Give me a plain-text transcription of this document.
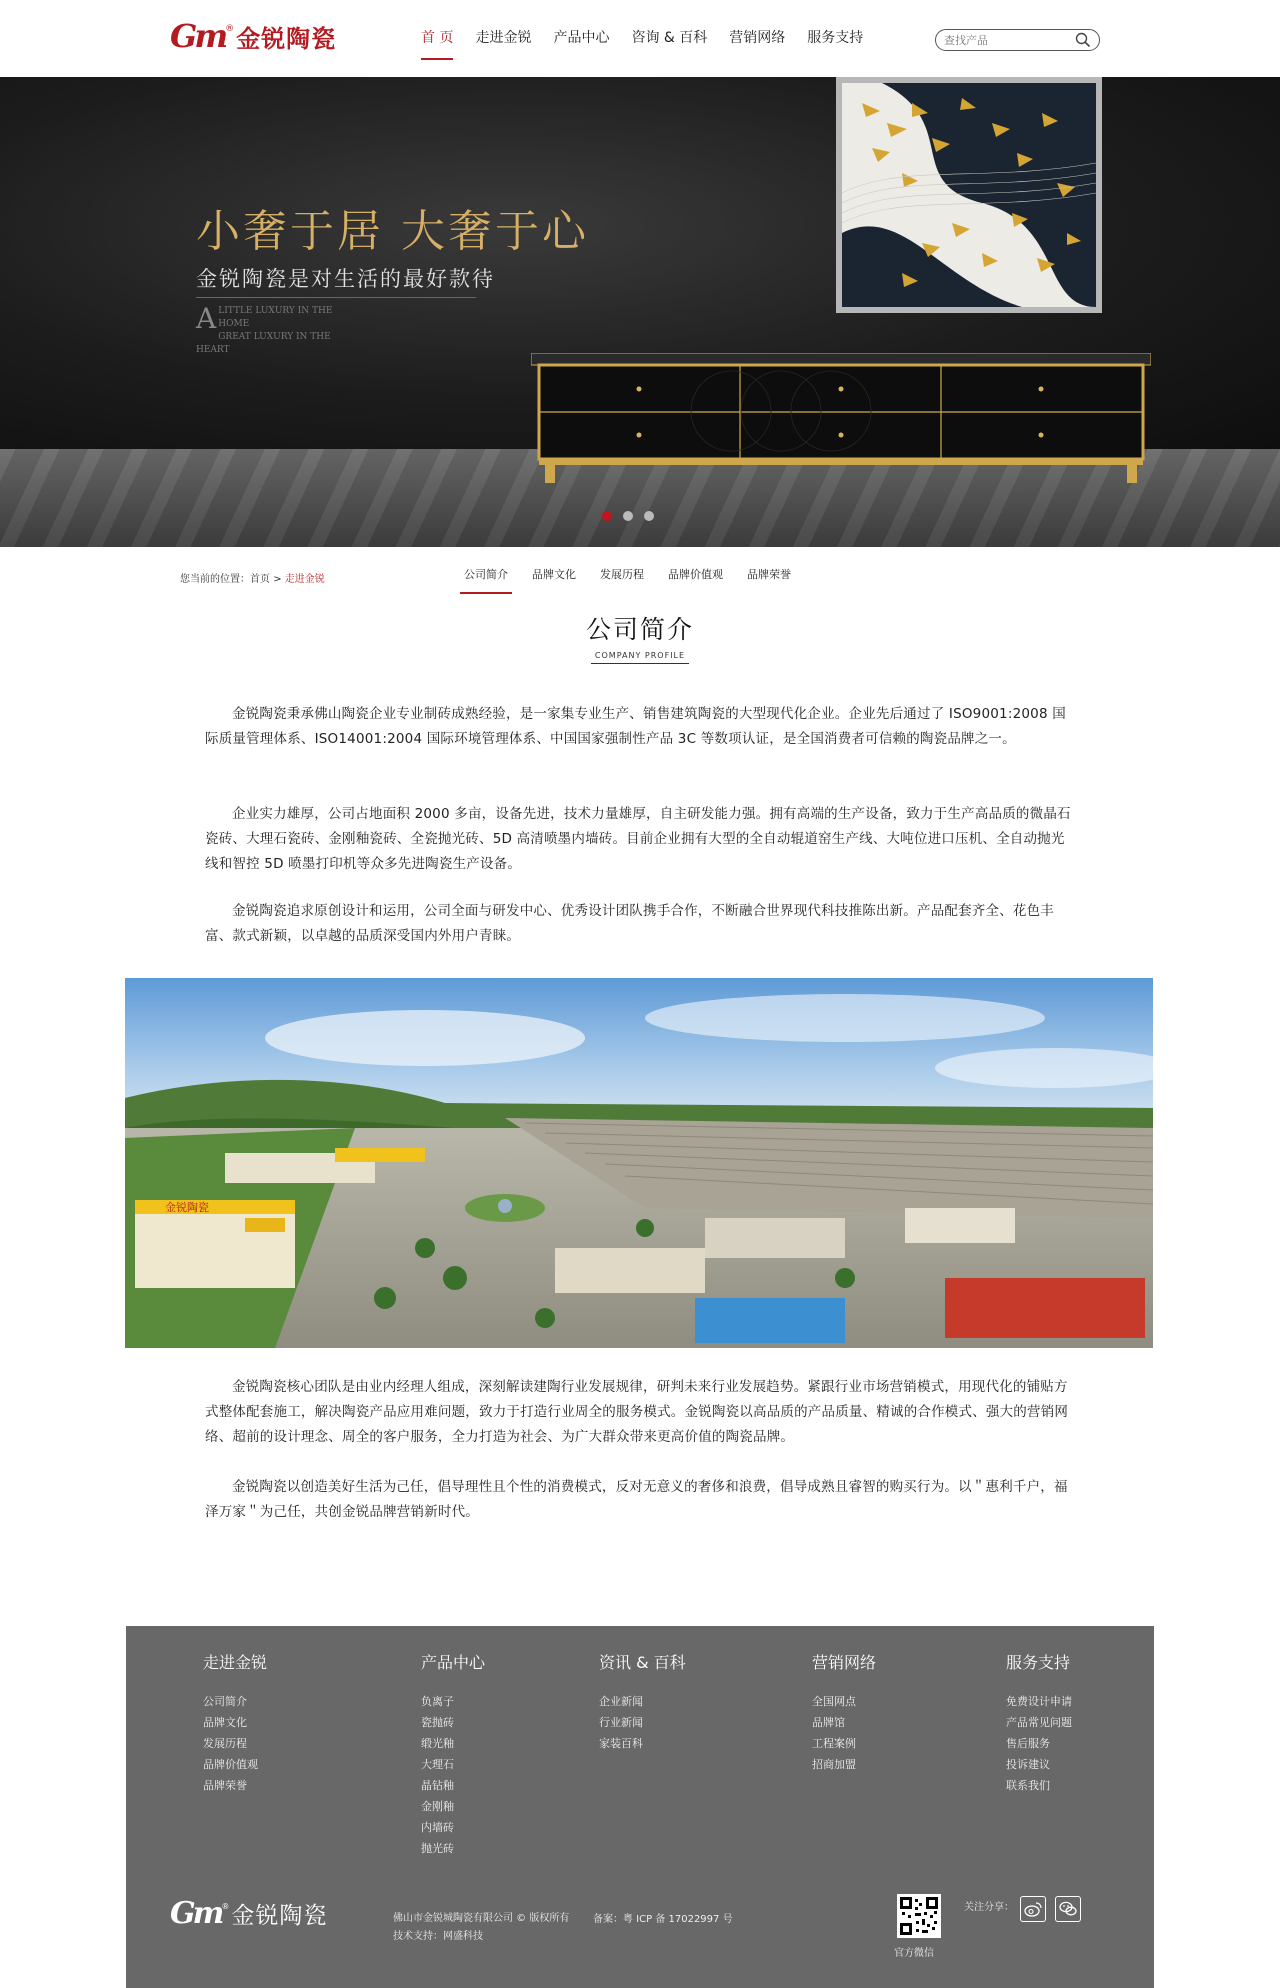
Gm ® 金锐陶瓷	首 页	走进金锐	产品中心	咨询 & 百科	营销网络	服务支持
查找产品
小奢于居 大奢于心
金锐陶瓷是对生活的最好款待
A LITTLE LUXURY IN THE HOME
GREAT LUXURY IN THE HEART
您当前的位置：首页 > 走进金锐	公司简介	品牌文化	发展历程	品牌价值观	品牌荣誉
公司简介
COMPANY PROFILE
金锐陶瓷秉承佛山陶瓷企业专业制砖成熟经验，是一家集专业生产、销售建筑陶瓷的大型现代化企业。企业先后通过了 ISO9001:2008 国际质量管理体系、ISO14001:2004 国际环境管理体系、中国国家强制性产品 3C 等数项认证，是全国消费者可信赖的陶瓷品牌之一。
企业实力雄厚，公司占地面积 2000 多亩，设备先进，技术力量雄厚，自主研发能力强。拥有高端的生产设备，致力于生产高品质的微晶石瓷砖、大理石瓷砖、金刚釉瓷砖、全瓷抛光砖、5D 高清喷墨内墙砖。目前企业拥有大型的全自动辊道窑生产线、大吨位进口压机、全自动抛光线和智控 5D 喷墨打印机等众多先进陶瓷生产设备。
金锐陶瓷追求原创设计和运用，公司全面与研发中心、优秀设计团队携手合作，不断融合世界现代科技推陈出新。产品配套齐全、花色丰富、款式新颖，以卓越的品质深受国内外用户青睐。
金锐陶瓷
金锐陶瓷核心团队是由业内经理人组成，深刻解读建陶行业发展规律，研判未来行业发展趋势。紧跟行业市场营销模式，用现代化的铺贴方式整体配套施工，解决陶瓷产品应用难问题，致力于打造行业周全的服务模式。金锐陶瓷以高品质的产品质量、精诚的合作模式、强大的营销网络、超前的设计理念、周全的客户服务，全力打造为社会、为广大群众带来更高价值的陶瓷品牌。
金锐陶瓷以创造美好生活为己任，倡导理性且个性的消费模式，反对无意义的奢侈和浪费，倡导成熟且睿智的购买行为。以＂惠利千户，福泽万家＂为己任，共创金锐品牌营销新时代。
走进金锐
公司简介
品牌文化
发展历程
品牌价值观
品牌荣誉
产品中心
负离子
瓷抛砖
缎光釉
大理石
晶钻釉
金刚釉
内墙砖
抛光砖
资讯 & 百科
企业新闻
行业新闻
家装百科
营销网络
全国网点
品牌馆
工程案例
招商加盟
服务支持
免费设计申请
产品常见问题
售后服务
投诉建议
联系我们
Gm ® 金锐陶瓷	佛山市金锐城陶瓷有限公司 © 版权所有
技术支持：网盛科技
备案：粤 ICP 备 17022997 号
官方微信
关注分享：
